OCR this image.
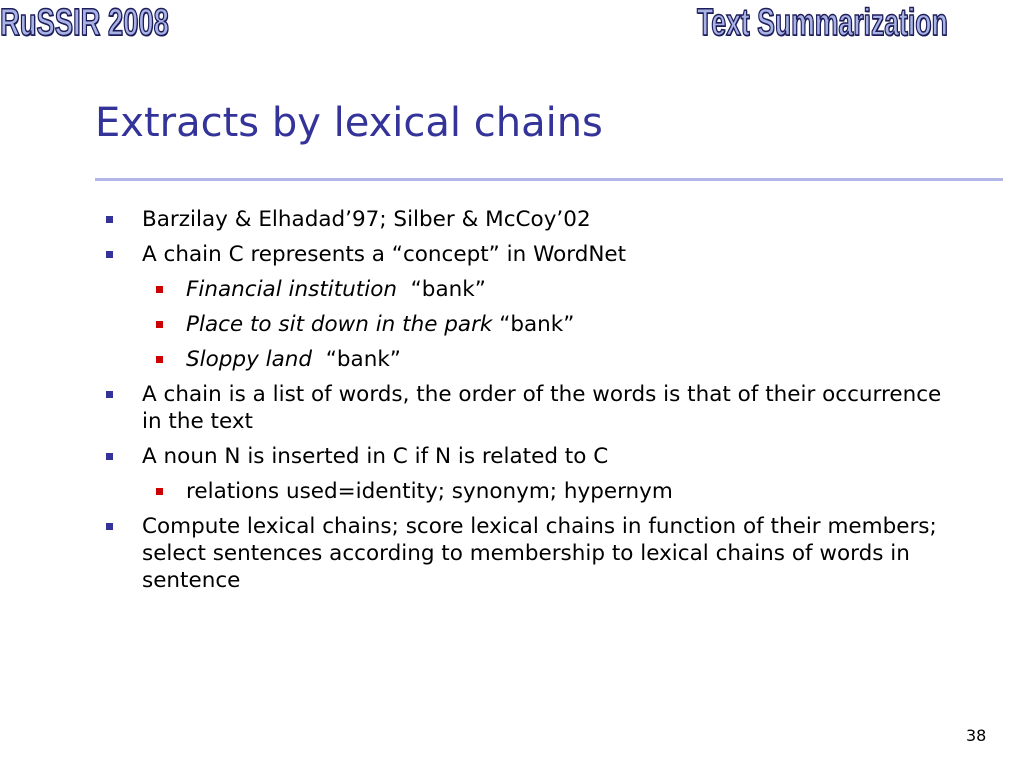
RuSSIR 2008	Text Summarization
Extracts by lexical chains
Barzilay & Elhadad’97; Silber & McCoy’02
A chain C represents a “concept” in WordNet
Financial institution  “bank”
Place to sit down in the park “bank”
Sloppy land  “bank”
A chain is a list of words, the order of the words is that of their occurrence in the text
A noun N is inserted in C if N is related to C
relations used=identity; synonym; hypernym
Compute lexical chains; score lexical chains in function of their members; select sentences according to membership to lexical chains of words in sentence
38
